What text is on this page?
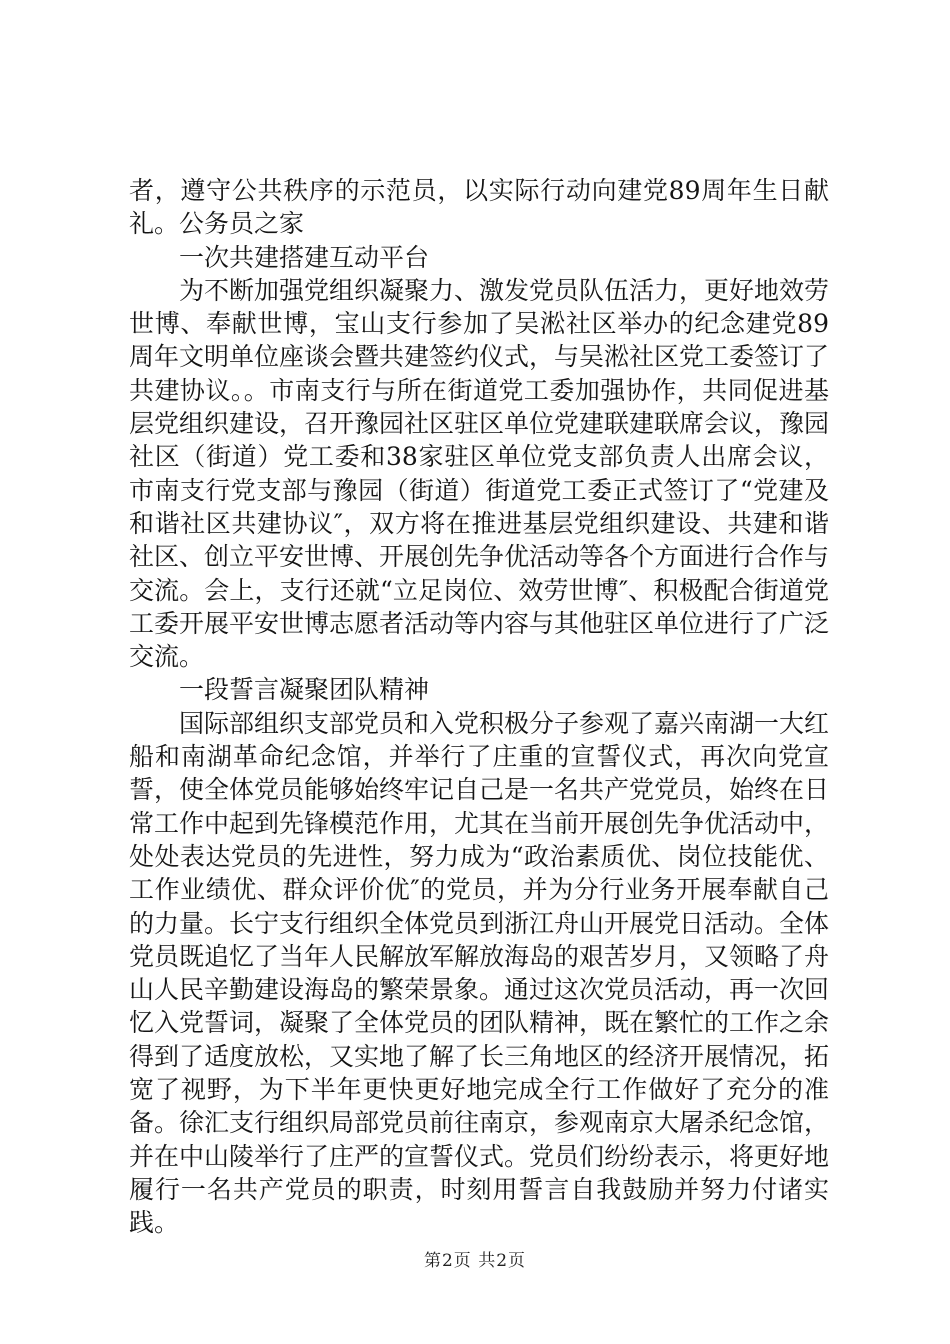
者，遵守公共秩序的示范员，以实际行动向建党89周年生日献礼。公务员之家

一次共建搭建互动平台

为不断加强党组织凝聚力、激发党员队伍活力，更好地效劳世博、奉献世博，宝山支行参加了吴淞社区举办的纪念建党89周年文明单位座谈会暨共建签约仪式，与吴淞社区党工委签订了共建协议。。市南支行与所在街道党工委加强协作，共同促进基层党组织建设，召开豫园社区驻区单位党建联建联席会议，豫园社区（街道）党工委和38家驻区单位党支部负责人出席会议，市南支行党支部与豫园（街道）街道党工委正式签订了“党建及和谐社区共建协议″，双方将在推进基层党组织建设、共建和谐社区、创立平安世博、开展创先争优活动等各个方面进行合作与交流。会上，支行还就“立足岗位、效劳世博″、积极配合街道党工委开展平安世博志愿者活动等内容与其他驻区单位进行了广泛交流。

一段誓言凝聚团队精神

国际部组织支部党员和入党积极分子参观了嘉兴南湖一大红船和南湖革命纪念馆，并举行了庄重的宣誓仪式，再次向党宣誓，使全体党员能够始终牢记自己是一名共产党党员，始终在日常工作中起到先锋模范作用，尤其在当前开展创先争优活动中，处处表达党员的先进性，努力成为“政治素质优、岗位技能优、工作业绩优、群众评价优″的党员，并为分行业务开展奉献自己的力量。长宁支行组织全体党员到浙江舟山开展党日活动。全体党员既追忆了当年人民解放军解放海岛的艰苦岁月，又领略了舟山人民辛勤建设海岛的繁荣景象。通过这次党员活动，再一次回忆入党誓词，凝聚了全体党员的团队精神，既在繁忙的工作之余得到了适度放松，又实地了解了长三角地区的经济开展情况，拓宽了视野，为下半年更快更好地完成全行工作做好了充分的准备。徐汇支行组织局部党员前往南京，参观南京大屠杀纪念馆，并在中山陵举行了庄严的宣誓仪式。党员们纷纷表示，将更好地履行一名共产党员的职责，时刻用誓言自我鼓励并努力付诸实践。

第2页 共2页
